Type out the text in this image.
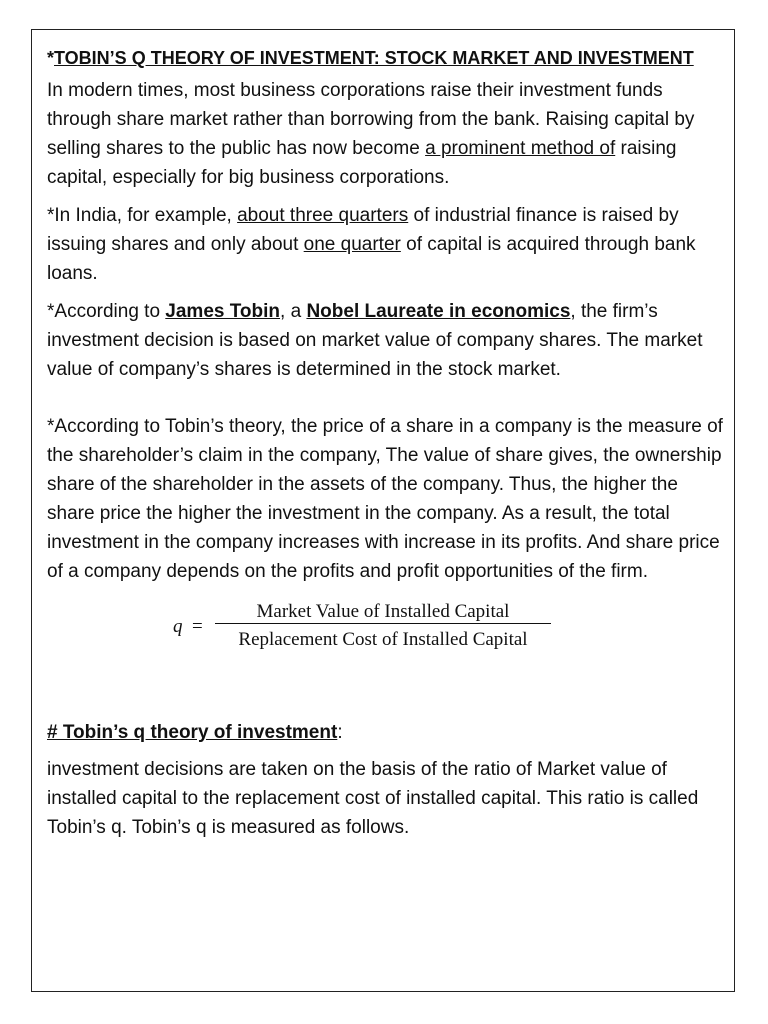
*TOBIN’S Q THEORY OF INVESTMENT: STOCK MARKET AND INVESTMENT

In modern times, most business corporations raise their investment funds through share market rather than borrowing from the bank. Raising capital by selling shares to the public has now become a prominent method of raising capital, especially for big business corporations.

*In India, for example, about three quarters of industrial finance is raised by issuing shares and only about one quarter of capital is acquired through bank loans.

*According to James Tobin, a Nobel Laureate in economics, the firm’s investment decision is based on market value of company shares. The market value of company’s shares is determined in the stock market.

*According to Tobin’s theory, the price of a share in a company is the measure of the shareholder’s claim in the company, The value of share gives, the ownership share of the shareholder in the assets of the company. Thus, the higher the share price the higher the investment in the company. As a result, the total investment in the company increases with increase in its profits. And share price of a company depends on the profits and profit opportunities of the firm.

q =
Market Value of Installed Capital
Replacement Cost of Installed Capital

# Tobin’s q theory of investment:

investment decisions are taken on the basis of the ratio of Market value of installed capital to the replacement cost of installed capital. This ratio is called Tobin’s q. Tobin’s q is measured as follows.
